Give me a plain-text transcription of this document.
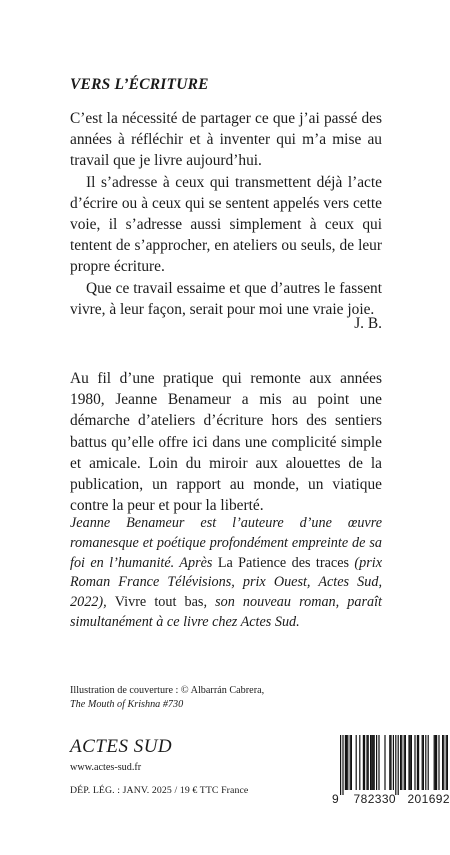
VERS L’ÉCRITURE

C’est la nécessité de partager ce que j’ai passé des années à réfléchir et à inventer qui m’a mise au travail que je livre aujourd’hui.

Il s’adresse à ceux qui transmettent déjà l’acte d’écrire ou à ceux qui se sentent appelés vers cette voie, il s’adresse aussi simplement à ceux qui tentent de s’approcher, en ateliers ou seuls, de leur propre écriture.

Que ce travail essaime et que d’autres le fassent vivre, à leur façon, serait pour moi une vraie joie.

J. B.

Au fil d’une pratique qui remonte aux années 1980, Jeanne Benameur a mis au point une démarche d’ateliers d’écriture hors des sentiers battus qu’elle offre ici dans une complicité simple et amicale. Loin du miroir aux alouettes de la publication, un rapport au monde, un viatique contre la peur et pour la liberté.

Jeanne Benameur est l’auteure d’une œuvre romanesque et poétique profondément empreinte de sa foi en l’humanité. Après La Patience des traces (prix Roman France Télévisions, prix Ouest, Actes Sud, 2022), Vivre tout bas, son nouveau roman, paraît simultanément à ce livre chez Actes Sud.

Illustration de couverture : © Albarrán Cabrera,
The Mouth of Krishna #730
ACTES SUD
www.actes-sud.fr
DÉP. LÉG. : JANV. 2025 / 19 € TTC France
9 782330 201692
